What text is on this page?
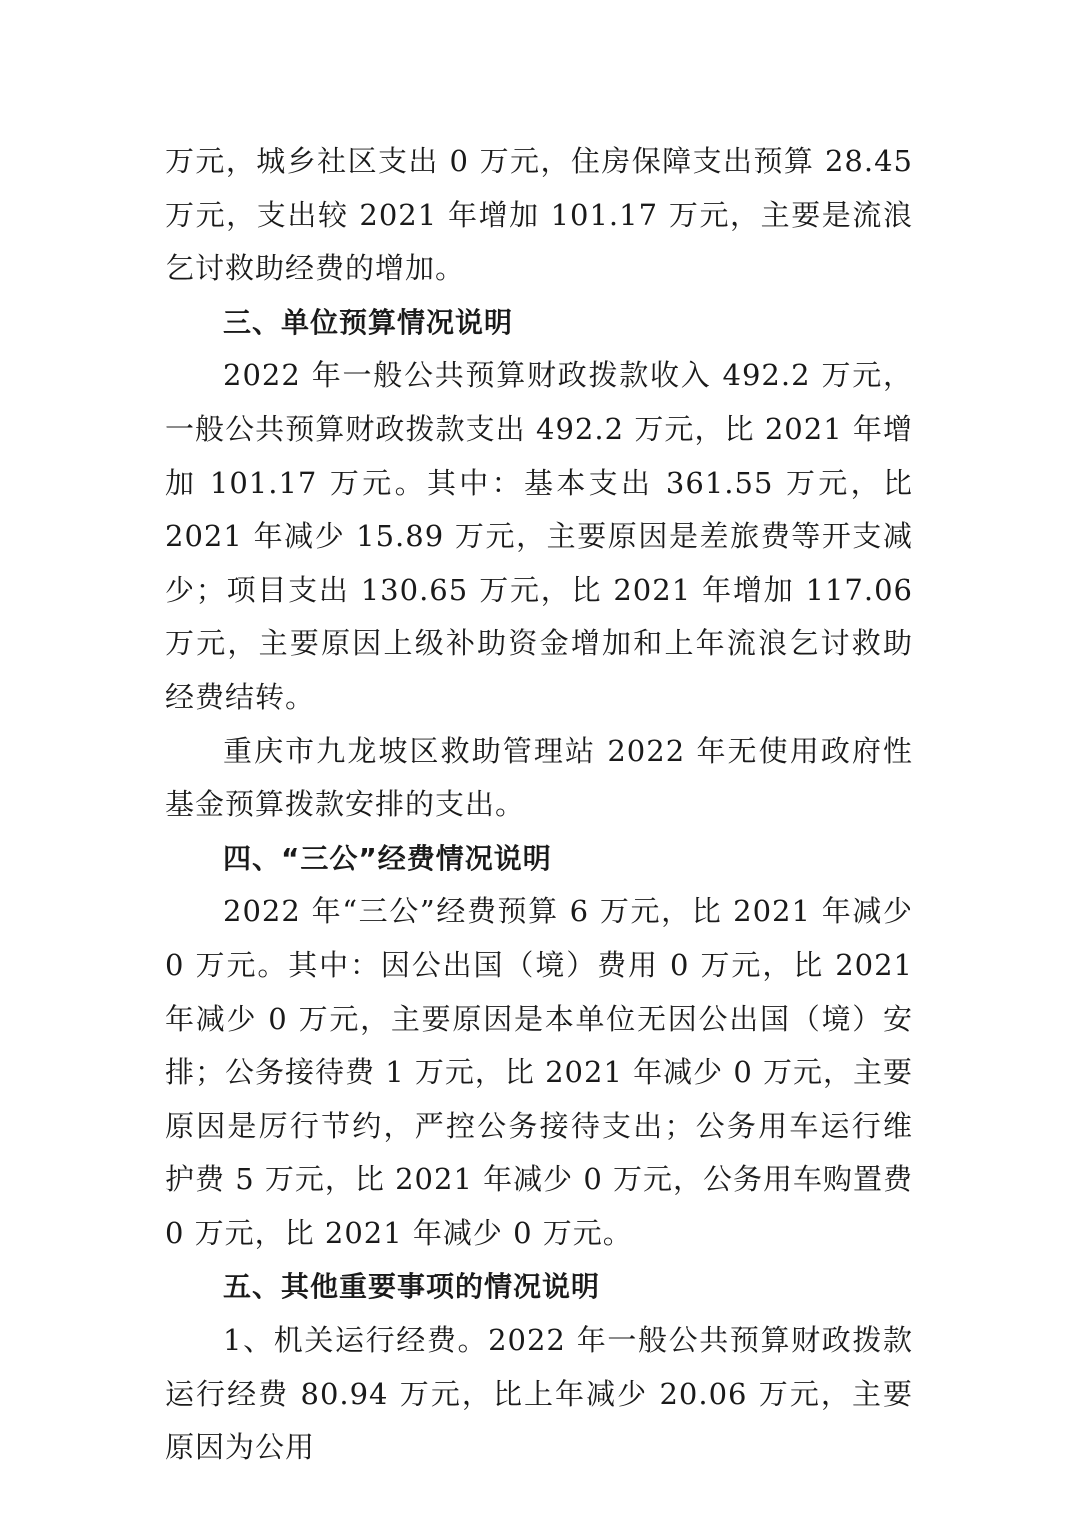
万元，城乡社区支出 0 万元，住房保障支出预算 28.45 万元，支出较 2021 年增加 101.17 万元，主要是流浪乞讨救助经费的增加。

三、单位预算情况说明

2022 年一般公共预算财政拨款收入 492.2 万元，一般公共预算财政拨款支出 492.2 万元，比 2021 年增加 101.17 万元。其中：基本支出 361.55 万元，比 2021 年减少 15.89 万元，主要原因是差旅费等开支减少；项目支出 130.65 万元，比 2021 年增加 117.06 万元，主要原因上级补助资金增加和上年流浪乞讨救助经费结转。

重庆市九龙坡区救助管理站 2022 年无使用政府性基金预算拨款安排的支出。

四、“三公”经费情况说明

2022 年“三公”经费预算 6 万元，比 2021 年减少 0 万元。其中：因公出国（境）费用 0 万元，比 2021 年减少 0 万元，主要原因是本单位无因公出国（境）安排；公务接待费 1 万元，比 2021 年减少 0 万元，主要原因是厉行节约，严控公务接待支出；公务用车运行维护费 5 万元，比 2021 年减少 0 万元，公务用车购置费 0 万元，比 2021 年减少 0 万元。

五、其他重要事项的情况说明

1、机关运行经费。2022 年一般公共预算财政拨款运行经费 80.94 万元，比上年减少 20.06 万元，主要原因为公用
